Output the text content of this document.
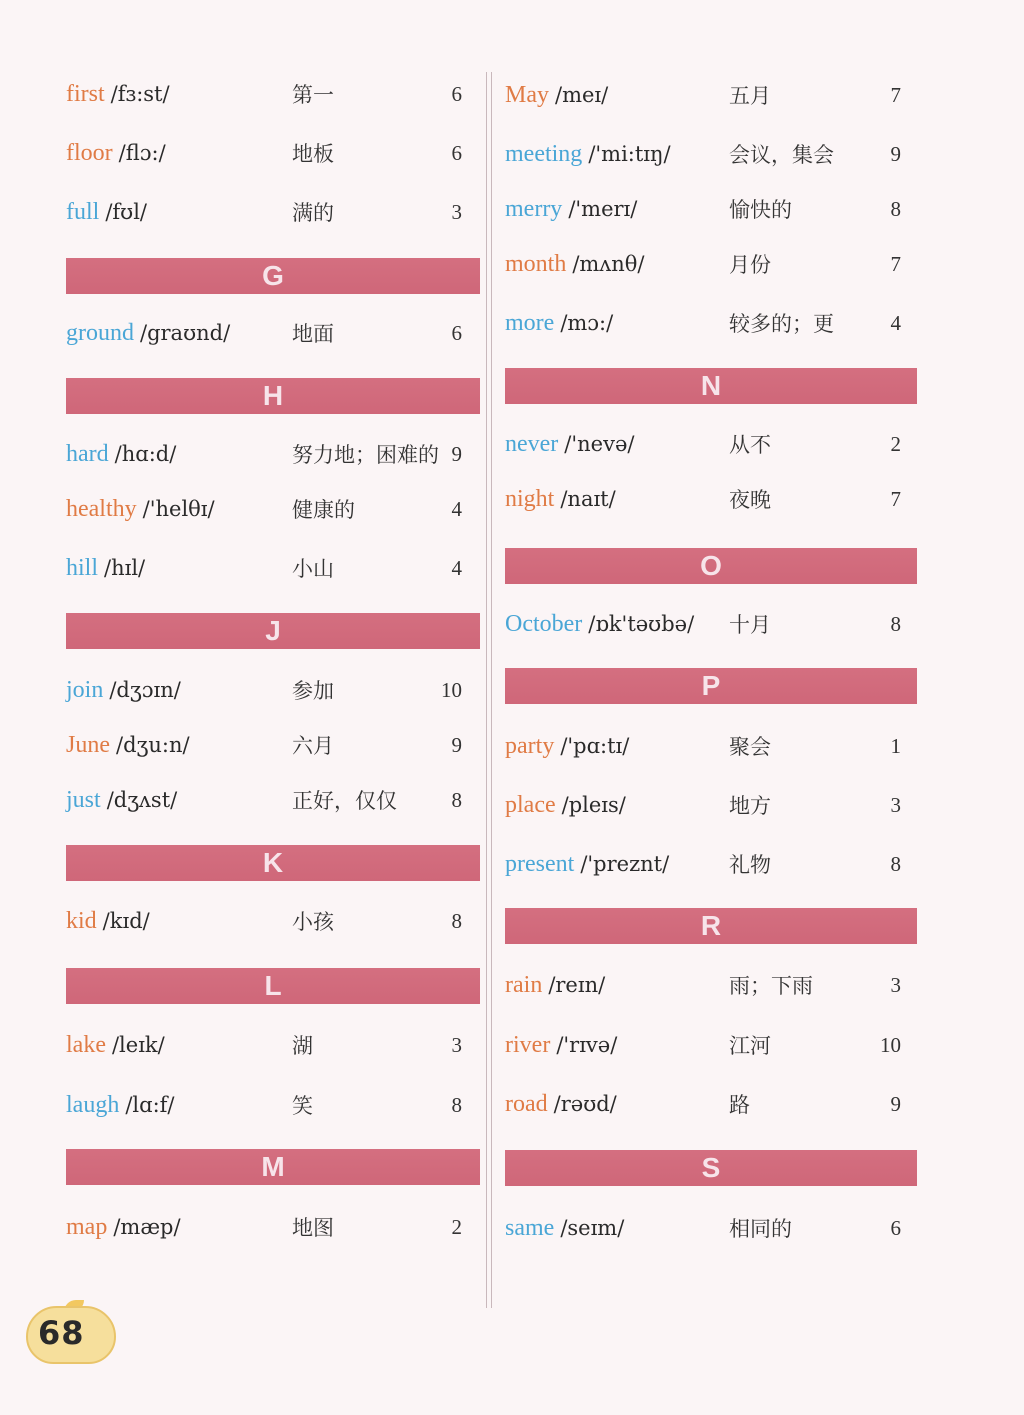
first /fɜ:st/	第一	6
floor /flɔ:/	地板	6
full /fʊl/	满的	3
G
ground /graʊnd/	地面	6
H
hard /hɑ:d/	努力地；困难的 9
healthy /'helθɪ/	健康的	4
hill /hɪl/	小山	4
J
join /dʒɔɪn/	参加	10
June /dʒu:n/	六月	9
just /dʒʌst/	正好，仅仅	8
K
kid /kɪd/	小孩	8
L
lake /leɪk/	湖	3
laugh /lɑ:f/	笑	8
M
map /mæp/	地图	2
May /meɪ/	五月	7
meeting /'mi:tɪŋ/	会议，集会	9
merry /'merɪ/	愉快的	8
month /mʌnθ/	月份	7
more /mɔ:/	较多的；更	4
N
never /'nevə/	从不	2
night /naɪt/	夜晚	7
O
October /ɒk'təʊbə/ 十月	8
P
party /'pɑ:tɪ/	聚会	1
place /pleɪs/	地方	3
present /'preznt/	礼物	8
R
rain /reɪn/	雨；下雨	3
river /'rɪvə/	江河	10
road /rəʊd/	路	9
S
same /seɪm/	相同的	6
68
